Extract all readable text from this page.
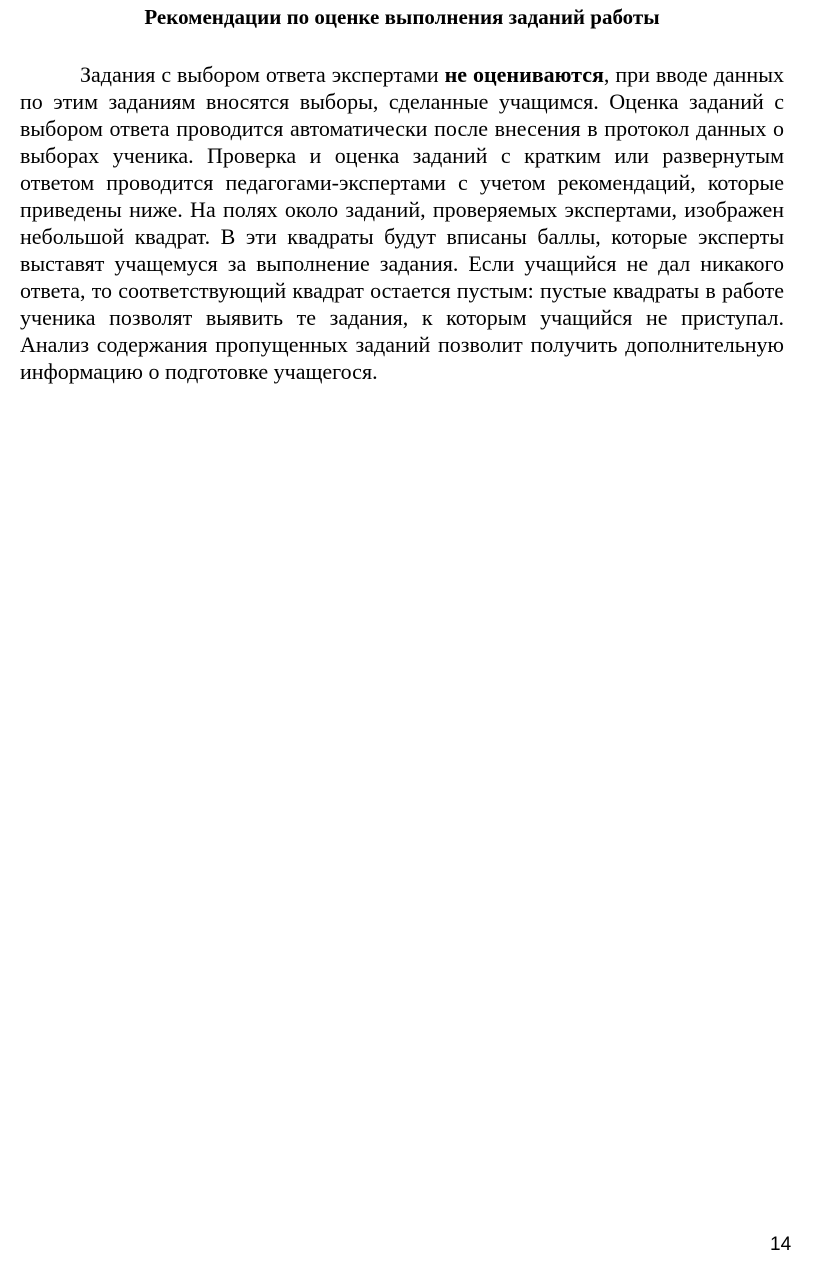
Рекомендации по оценке выполнения заданий работы

Задания с выбором ответа экспертами не оцениваются, при вводе данных по этим заданиям вносятся выборы, сделанные учащимся. Оценка заданий с выбором ответа проводится автоматически после внесения в протокол данных о выборах ученика. Проверка и оценка заданий с кратким или развернутым ответом проводится педагогами-экспертами с учетом рекомендаций, которые приведены ниже. На полях около заданий, проверяемых экспертами, изображен небольшой квадрат. В эти квадраты будут вписаны баллы, которые эксперты выставят учащемуся за выполнение задания. Если учащийся не дал никакого ответа, то соответствующий квадрат остается пустым: пустые квадраты в работе ученика позволят выявить те задания, к которым учащийся не приступал. Анализ содержания пропущенных заданий позволит получить дополнительную информацию о подготовке учащегося.

14
